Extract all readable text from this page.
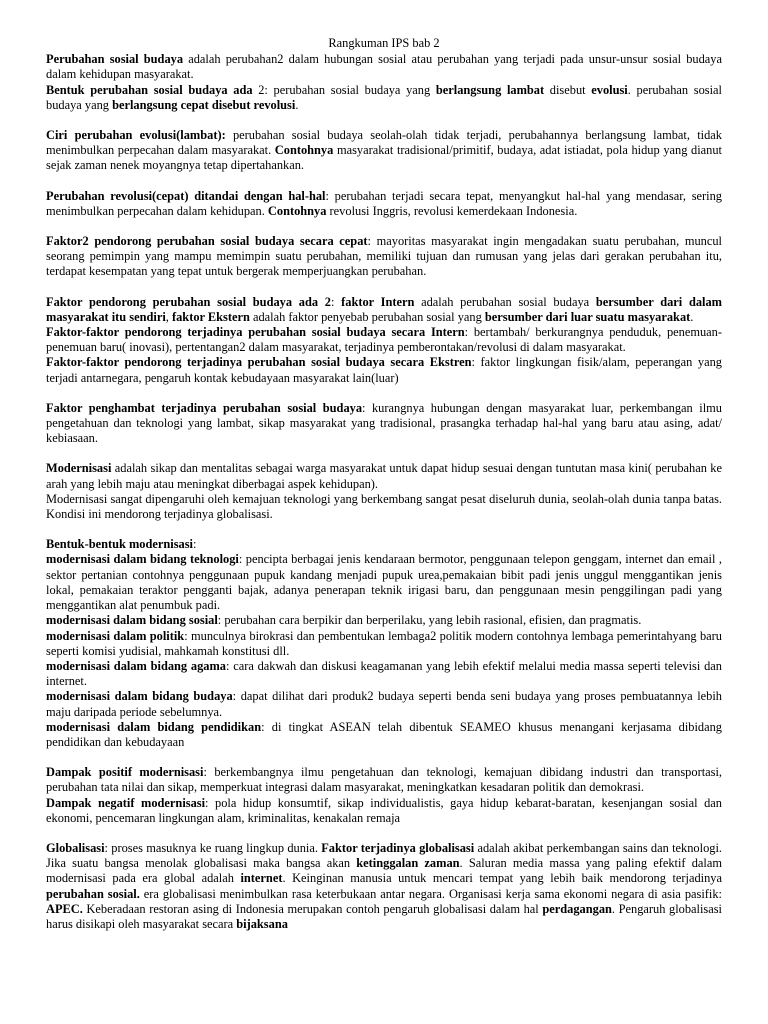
Rangkuman IPS bab 2

Perubahan sosial budaya adalah perubahan2 dalam hubungan sosial atau perubahan yang terjadi pada unsur-unsur sosial budaya dalam kehidupan masyarakat.

Bentuk perubahan sosial budaya ada 2: perubahan sosial budaya yang berlangsung lambat disebut evolusi. perubahan sosial budaya yang berlangsung cepat disebut revolusi.

Ciri perubahan evolusi(lambat): perubahan sosial budaya seolah-olah tidak terjadi, perubahannya berlangsung lambat, tidak menimbulkan perpecahan dalam masyarakat. Contohnya masyarakat tradisional/primitif, budaya, adat istiadat, pola hidup yang dianut sejak zaman nenek moyangnya tetap dipertahankan.

Perubahan revolusi(cepat) ditandai dengan hal-hal: perubahan terjadi secara tepat, menyangkut hal-hal yang mendasar, sering menimbulkan perpecahan dalam kehidupan. Contohnya revolusi Inggris, revolusi kemerdekaan Indonesia.

Faktor2 pendorong perubahan sosial budaya secara cepat: mayoritas masyarakat ingin mengadakan suatu perubahan, muncul seorang pemimpin yang mampu memimpin suatu perubahan, memiliki tujuan dan rumusan yang jelas dari gerakan perubahan itu, terdapat kesempatan yang tepat untuk bergerak memperjuangkan perubahan.

Faktor pendorong perubahan sosial budaya ada 2: faktor Intern adalah perubahan sosial budaya bersumber dari dalam masyarakat itu sendiri, faktor Ekstern adalah faktor penyebab perubahan sosial yang bersumber dari luar suatu masyarakat.

Faktor-faktor pendorong terjadinya perubahan sosial budaya secara Intern: bertambah/ berkurangnya penduduk, penemuan-penemuan baru( inovasi), pertentangan2 dalam masyarakat, terjadinya pemberontakan/revolusi di dalam masyarakat.

Faktor-faktor pendorong terjadinya perubahan sosial budaya secara Ekstren: faktor lingkungan fisik/alam, peperangan yang terjadi antarnegara, pengaruh kontak kebudayaan masyarakat lain(luar)

Faktor penghambat terjadinya perubahan sosial budaya: kurangnya hubungan dengan masyarakat luar, perkembangan ilmu pengetahuan dan teknologi yang lambat, sikap masyarakat yang tradisional, prasangka terhadap hal-hal yang baru atau asing, adat/ kebiasaan.

Modernisasi adalah sikap dan mentalitas sebagai warga masyarakat untuk dapat hidup sesuai dengan tuntutan masa kini( perubahan ke arah yang lebih maju atau meningkat diberbagai aspek kehidupan).

Modernisasi sangat dipengaruhi oleh kemajuan teknologi yang berkembang sangat pesat diseluruh dunia, seolah-olah dunia tanpa batas. Kondisi ini mendorong terjadinya globalisasi.

Bentuk-bentuk modernisasi:

modernisasi dalam bidang teknologi: pencipta berbagai jenis kendaraan bermotor, penggunaan telepon genggam, internet dan email , sektor pertanian contohnya penggunaan pupuk kandang menjadi pupuk urea,pemakaian bibit padi jenis unggul menggantikan jenis lokal, pemakaian teraktor pengganti bajak, adanya penerapan teknik irigasi baru, dan penggunaan mesin penggilingan padi yang menggantikan alat penumbuk padi.

modernisasi dalam bidang sosial: perubahan cara berpikir dan berperilaku, yang lebih rasional, efisien, dan pragmatis.

modernisasi dalam politik: munculnya birokrasi dan pembentukan lembaga2 politik modern contohnya lembaga pemerintahyang baru seperti komisi yudisial, mahkamah konstitusi dll.

modernisasi dalam bidang agama: cara dakwah dan diskusi keagamanan yang lebih efektif melalui media massa seperti televisi dan internet.

modernisasi dalam bidang budaya: dapat dilihat dari produk2 budaya seperti benda seni budaya yang proses pembuatannya lebih maju daripada periode sebelumnya.

modernisasi dalam bidang pendidikan: di tingkat ASEAN telah dibentuk SEAMEO khusus menangani kerjasama dibidang pendidikan dan kebudayaan

Dampak positif modernisasi: berkembangnya ilmu pengetahuan dan teknologi, kemajuan dibidang industri dan transportasi, perubahan tata nilai dan sikap, memperkuat integrasi dalam masyarakat, meningkatkan kesadaran politik dan demokrasi.

Dampak negatif modernisasi: pola hidup konsumtif, sikap individualistis, gaya hidup kebarat-baratan, kesenjangan sosial dan ekonomi, pencemaran lingkungan alam, kriminalitas, kenakalan remaja

Globalisasi: proses masuknya ke ruang lingkup dunia. Faktor terjadinya globalisasi adalah akibat perkembangan sains dan teknologi. Jika suatu bangsa menolak globalisasi maka bangsa akan ketinggalan zaman. Saluran media massa yang paling efektif dalam modernisasi pada era global adalah internet. Keinginan manusia untuk mencari tempat yang lebih baik mendorong terjadinya perubahan sosial. era globalisasi menimbulkan rasa keterbukaan antar negara. Organisasi kerja sama ekonomi negara di asia pasifik: APEC. Keberadaan restoran asing di Indonesia merupakan contoh pengaruh globalisasi dalam hal perdagangan. Pengaruh globalisasi harus disikapi oleh masyarakat secara bijaksana
